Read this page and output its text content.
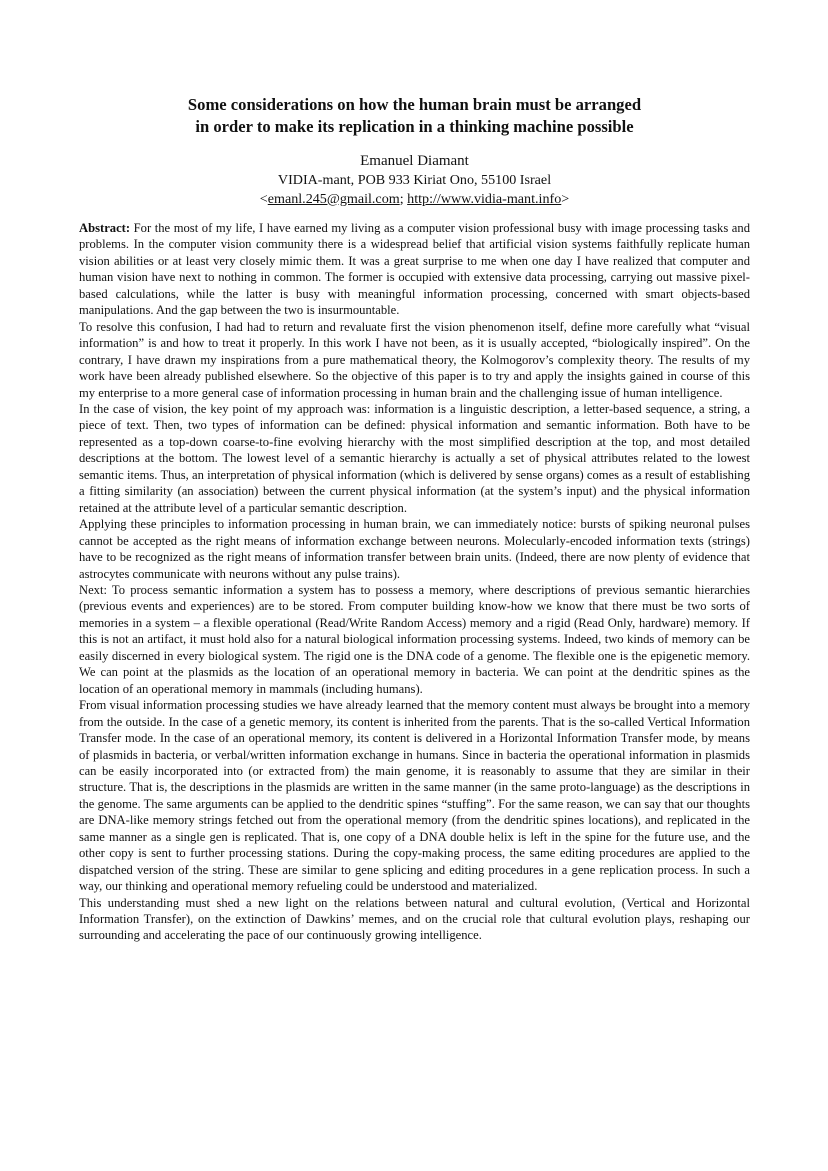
Some considerations on how the human brain must be arranged
in order to make its replication in a thinking machine possible
Emanuel Diamant
VIDIA-mant, POB 933 Kiriat Ono, 55100 Israel
<emanl.245@gmail.com; http://www.vidia-mant.info>

Abstract: For the most of my life, I have earned my living as a computer vision professional busy with image processing tasks and problems. In the computer vision community there is a widespread belief that artificial vision systems faithfully replicate human vision abilities or at least very closely mimic them. It was a great surprise to me when one day I have realized that computer and human vision have next to nothing in common. The former is occupied with extensive data processing, carrying out massive pixel-based calculations, while the latter is busy with meaningful information processing, concerned with smart objects-based manipulations. And the gap between the two is insurmountable.

To resolve this confusion, I had had to return and revaluate first the vision phenomenon itself, define more carefully what “visual information” is and how to treat it properly. In this work I have not been, as it is usually accepted, “biologically inspired”. On the contrary, I have drawn my inspirations from a pure mathematical theory, the Kolmogorov’s complexity theory. The results of my work have been already published elsewhere. So the objective of this paper is to try and apply the insights gained in course of this my enterprise to a more general case of information processing in human brain and the challenging issue of human intelligence.

In the case of vision, the key point of my approach was: information is a linguistic description, a letter-based sequence, a string, a piece of text. Then, two types of information can be defined: physical information and semantic information. Both have to be represented as a top-down coarse-to-fine evolving hierarchy with the most simplified description at the top, and most detailed descriptions at the bottom. The lowest level of a semantic hierarchy is actually a set of physical attributes related to the lowest semantic items. Thus, an interpretation of physical information (which is delivered by sense organs) comes as a result of establishing a fitting similarity (an association) between the current physical information (at the system’s input) and the physical information retained at the attribute level of a particular semantic description.

Applying these principles to information processing in human brain, we can immediately notice: bursts of spiking neuronal pulses cannot be accepted as the right means of information exchange between neurons. Molecularly-encoded information texts (strings) have to be recognized as the right means of information transfer between brain units. (Indeed, there are now plenty of evidence that astrocytes communicate with neurons without any pulse trains).

Next: To process semantic information a system has to possess a memory, where descriptions of previous semantic hierarchies (previous events and experiences) are to be stored. From computer building know-how we know that there must be two sorts of memories in a system – a flexible operational (Read/Write Random Access) memory and a rigid (Read Only, hardware) memory. If this is not an artifact, it must hold also for a natural biological information processing systems. Indeed, two kinds of memory can be easily discerned in every biological system. The rigid one is the DNA code of a genome. The flexible one is the epigenetic memory. We can point at the plasmids as the location of an operational memory in bacteria. We can point at the dendritic spines as the location of an operational memory in mammals (including humans).

From visual information processing studies we have already learned that the memory content must always be brought into a memory from the outside. In the case of a genetic memory, its content is inherited from the parents. That is the so-called Vertical Information Transfer mode. In the case of an operational memory, its content is delivered in a Horizontal Information Transfer mode, by means of plasmids in bacteria, or verbal/written information exchange in humans. Since in bacteria the operational information in plasmids can be easily incorporated into (or extracted from) the main genome, it is reasonably to assume that they are similar in their structure. That is, the descriptions in the plasmids are written in the same manner (in the same proto-language) as the descriptions in the genome. The same arguments can be applied to the dendritic spines “stuffing”. For the same reason, we can say that our thoughts are DNA-like memory strings fetched out from the operational memory (from the dendritic spines locations), and replicated in the same manner as a single gen is replicated. That is, one copy of a DNA double helix is left in the spine for the future use, and the other copy is sent to further processing stations. During the copy-making process, the same editing procedures are applied to the dispatched version of the string. These are similar to gene splicing and editing procedures in a gene replication process. In such a way, our thinking and operational memory refueling could be understood and materialized.

This understanding must shed a new light on the relations between natural and cultural evolution, (Vertical and Horizontal Information Transfer), on the extinction of Dawkins’ memes, and on the crucial role that cultural evolution plays, reshaping our surrounding and accelerating the pace of our continuously growing intelligence.
